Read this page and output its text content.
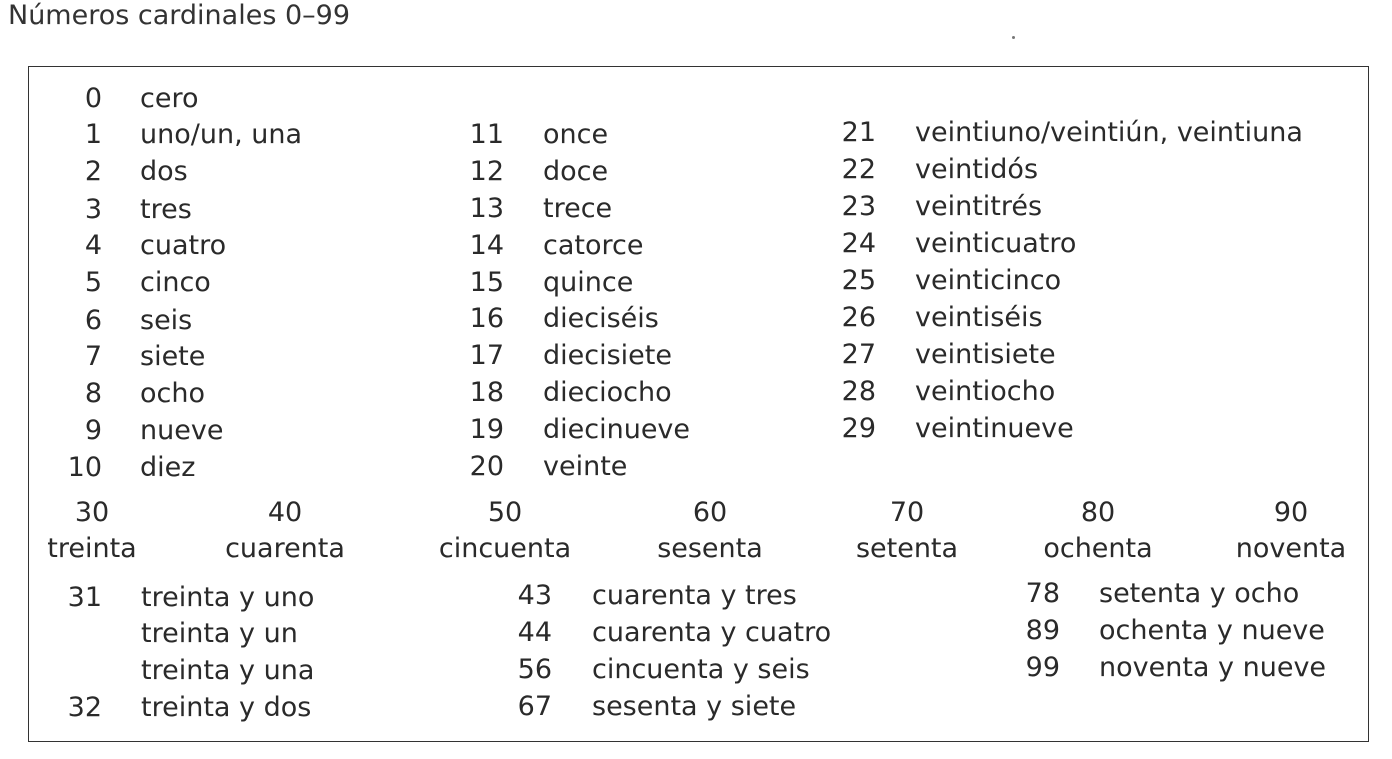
Números cardinales 0–99
0 cero
1 uno/un, una
2 dos
3 tres
4 cuatro
5 cinco
6 seis
7 siete
8 ocho
9 nueve
10 diez
11 once
12 doce
13 trece
14 catorce
15 quince
16 dieciséis
17 diecisiete
18 dieciocho
19 diecinueve
20 veinte
21 veintiuno/veintiún, veintiuna
22 veintidós
23 veintitrés
24 veinticuatro
25 veinticinco
26 veintiséis
27 veintisiete
28 veintiocho
29 veintinueve
30
treinta
40
cuarenta
50
cincuenta
60
sesenta
70
setenta
80
ochenta
90
noventa
31 treinta y uno
treinta y un
treinta y una
32 treinta y dos
43 cuarenta y tres
44 cuarenta y cuatro
56 cincuenta y seis
67 sesenta y siete
78 setenta y ocho
89 ochenta y nueve
99 noventa y nueve
